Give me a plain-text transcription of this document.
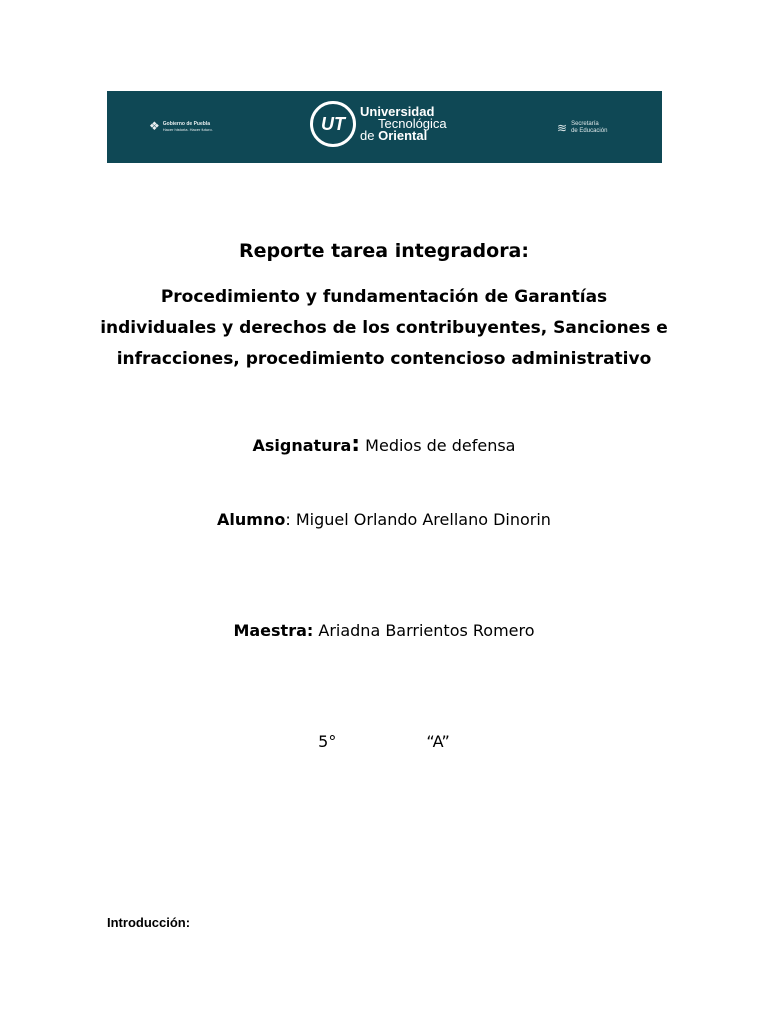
❖ Gobierno de Puebla
Hacer historia. Hacer futuro.	UT
Universidad
Tecnológica
de Oriental
≋ Secretaría
de Educación
Reporte tarea integradora:
Procedimiento y fundamentación de Garantías
individuales y derechos de los contribuyentes, Sanciones e
infracciones, procedimiento contencioso administrativo
Asignatura: Medios de defensa
Alumno: Miguel Orlando Arellano Dinorin
Maestra: Ariadna Barrientos Romero
5°	“A”
Introducción:
